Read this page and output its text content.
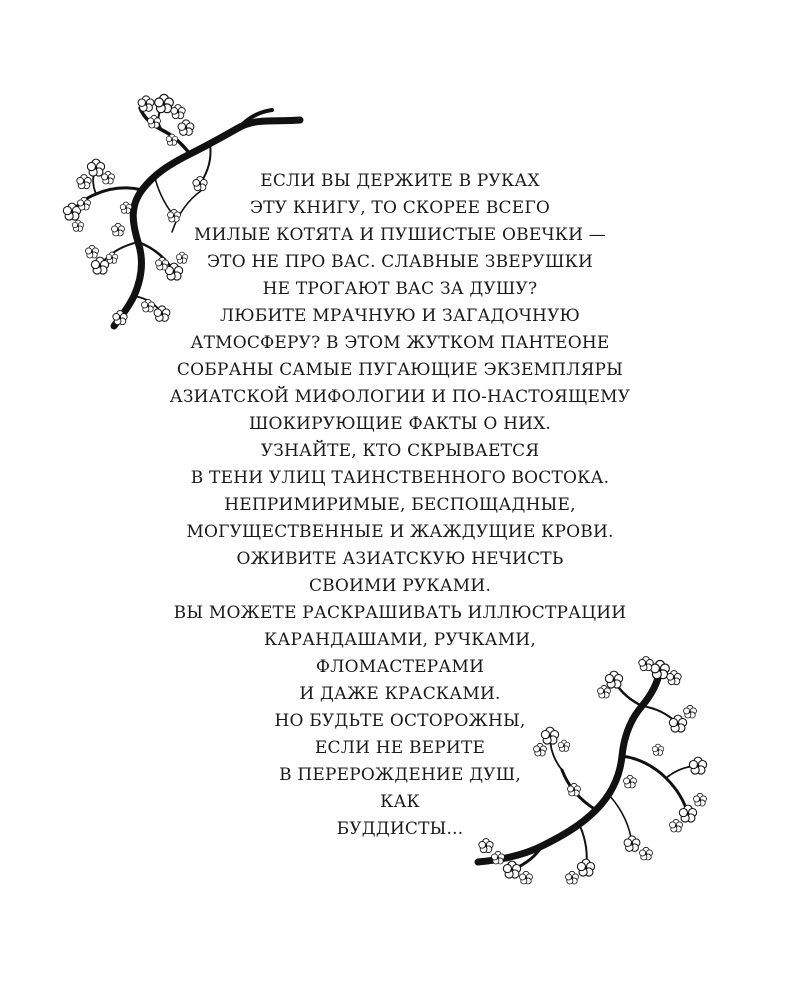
ЕСЛИ ВЫ ДЕРЖИТЕ В РУКАХ
ЭТУ КНИГУ, ТО СКОРЕЕ ВСЕГО
МИЛЫЕ КОТЯТА И ПУШИСТЫЕ ОВЕЧКИ —
ЭТО НЕ ПРО ВАС. СЛАВНЫЕ ЗВЕРУШКИ
НЕ ТРОГАЮТ ВАС ЗА ДУШУ?
ЛЮБИТЕ МРАЧНУЮ И ЗАГАДОЧНУЮ
АТМОСФЕРУ? В ЭТОМ ЖУТКОМ ПАНТЕОНЕ
СОБРАНЫ САМЫЕ ПУГАЮЩИЕ ЭКЗЕМПЛЯРЫ
АЗИАТСКОЙ МИФОЛОГИИ И ПО-НАСТОЯЩЕМУ
ШОКИРУЮЩИЕ ФАКТЫ О НИХ.
УЗНАЙТЕ, КТО СКРЫВАЕТСЯ
В ТЕНИ УЛИЦ ТАИНСТВЕННОГО ВОСТОКА.
НЕПРИМИРИМЫЕ, БЕСПОЩАДНЫЕ,
МОГУЩЕСТВЕННЫЕ И ЖАЖДУЩИЕ КРОВИ.
ОЖИВИТЕ АЗИАТСКУЮ НЕЧИСТЬ
СВОИМИ РУКАМИ.
ВЫ МОЖЕТЕ РАСКРАШИВАТЬ ИЛЛЮСТРАЦИИ
КАРАНДАШАМИ, РУЧКАМИ,
ФЛОМАСТЕРАМИ
И ДАЖЕ КРАСКАМИ.
НО БУДЬТЕ ОСТОРОЖНЫ,
ЕСЛИ НЕ ВЕРИТЕ
В ПЕРЕРОЖДЕНИЕ ДУШ,
КАК
БУДДИСТЫ...
